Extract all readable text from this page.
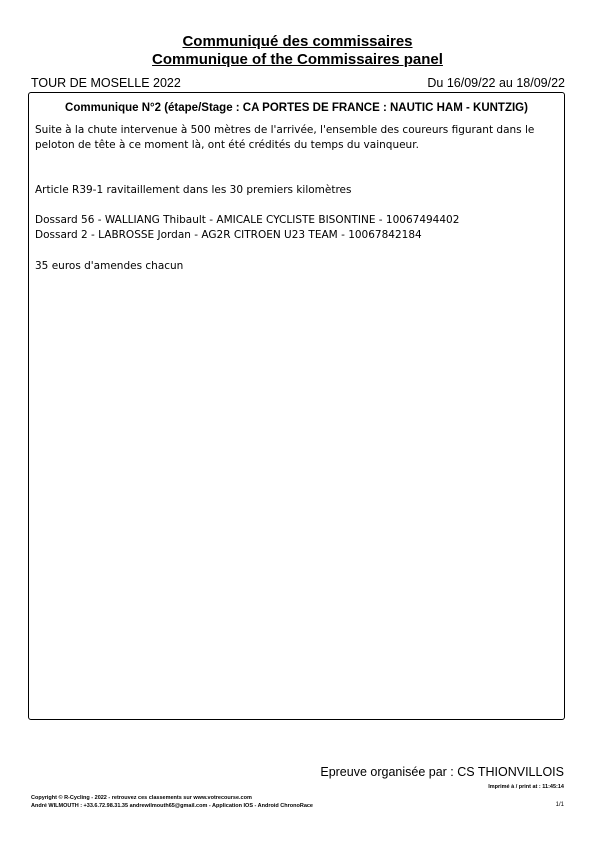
Communiqué des commissaires
Communique of the Commissaires panel
TOUR DE MOSELLE 2022	Du 16/09/22 au 18/09/22
Communique N°2 (étape/Stage : CA PORTES DE FRANCE : NAUTIC HAM - KUNTZIG)
Suite à la chute intervenue à 500 mètres de l'arrivée, l'ensemble des coureurs figurant dans le peloton de tête à ce moment là, ont été crédités du temps du vainqueur.
Article R39-1 ravitaillement dans les 30 premiers kilomètres
Dossard 56 - WALLIANG Thibault - AMICALE CYCLISTE BISONTINE - 10067494402
Dossard 2 - LABROSSE Jordan - AG2R CITROEN U23 TEAM - 10067842184
35 euros d'amendes chacun
Epreuve organisée par : CS THIONVILLOIS
Imprimé à / print at : 11:45:14
Copyright © R-Cycling - 2022 - retrouvez ces classements sur www.votrecourse.com
André WILMOUTH : +33.6.72.98.31.35 andrewilmouth65@gmail.com - Application IOS - Android ChronoRace	1/1
